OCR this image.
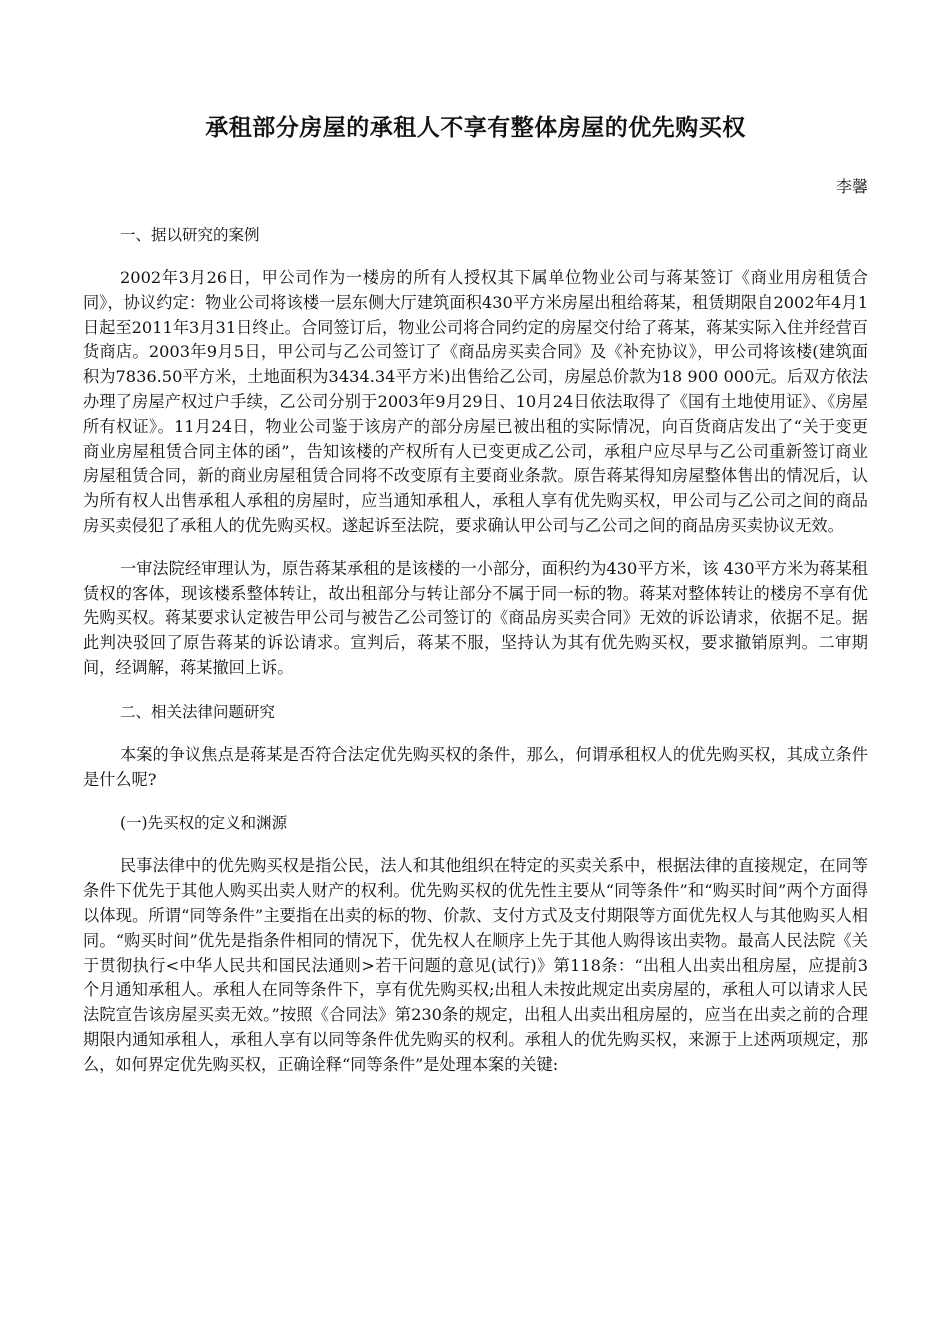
承租部分房屋的承租人不享有整体房屋的优先购买权

李馨

一、据以研究的案例

2002年3月26日，甲公司作为一楼房的所有人授权其下属单位物业公司与蒋某签订《商业用房租赁合同》，协议约定：物业公司将该楼一层东侧大厅建筑面积430平方米房屋出租给蒋某，租赁期限自2002年4月1日起至2011年3月31日终止。合同签订后，物业公司将合同约定的房屋交付给了蒋某，蒋某实际入住并经营百货商店。2003年9月5日，甲公司与乙公司签订了《商品房买卖合同》及《补充协议》，甲公司将该楼(建筑面积为7836.50平方米，土地面积为3434.34平方米)出售给乙公司，房屋总价款为18 900 000元。后双方依法办理了房屋产权过户手续，乙公司分别于2003年9月29日、10月24日依法取得了《国有土地使用证》、《房屋所有权证》。11月24日，物业公司鉴于该房产的部分房屋已被出租的实际情况，向百货商店发出了“关于变更商业房屋租赁合同主体的函”，告知该楼的产权所有人已变更成乙公司，承租户应尽早与乙公司重新签订商业房屋租赁合同，新的商业房屋租赁合同将不改变原有主要商业条款。原告蒋某得知房屋整体售出的情况后，认为所有权人出售承租人承租的房屋时，应当通知承租人，承租人享有优先购买权，甲公司与乙公司之间的商品房买卖侵犯了承租人的优先购买权。遂起诉至法院，要求确认甲公司与乙公司之间的商品房买卖协议无效。

一审法院经审理认为，原告蒋某承租的是该楼的一小部分，面积约为430平方米，该 430平方米为蒋某租赁权的客体，现该楼系整体转让，故出租部分与转让部分不属于同一标的物。蒋某对整体转让的楼房不享有优先购买权。蒋某要求认定被告甲公司与被告乙公司签订的《商品房买卖合同》无效的诉讼请求，依据不足。据此判决驳回了原告蒋某的诉讼请求。宣判后，蒋某不服，坚持认为其有优先购买权，要求撤销原判。二审期间，经调解，蒋某撤回上诉。

二、相关法律问题研究

本案的争议焦点是蒋某是否符合法定优先购买权的条件，那么，何谓承租权人的优先购买权，其成立条件是什么呢?

(一)先买权的定义和渊源

民事法律中的优先购买权是指公民，法人和其他组织在特定的买卖关系中，根据法律的直接规定，在同等条件下优先于其他人购买出卖人财产的权利。优先购买权的优先性主要从“同等条件”和“购买时间”两个方面得以体现。所谓“同等条件”主要指在出卖的标的物、价款、支付方式及支付期限等方面优先权人与其他购买人相同。“购买时间”优先是指条件相同的情况下，优先权人在顺序上先于其他人购得该出卖物。最高人民法院《关于贯彻执行<中华人民共和国民法通则>若干问题的意见(试行)》第118条：“出租人出卖出租房屋，应提前3个月通知承租人。承租人在同等条件下，享有优先购买权;出租人未按此规定出卖房屋的，承租人可以请求人民法院宣告该房屋买卖无效。”按照《合同法》第230条的规定，出租人出卖出租房屋的，应当在出卖之前的合理期限内通知承租人，承租人享有以同等条件优先购买的权利。承租人的优先购买权，来源于上述两项规定，那么，如何界定优先购买权，正确诠释“同等条件”是处理本案的关键:
